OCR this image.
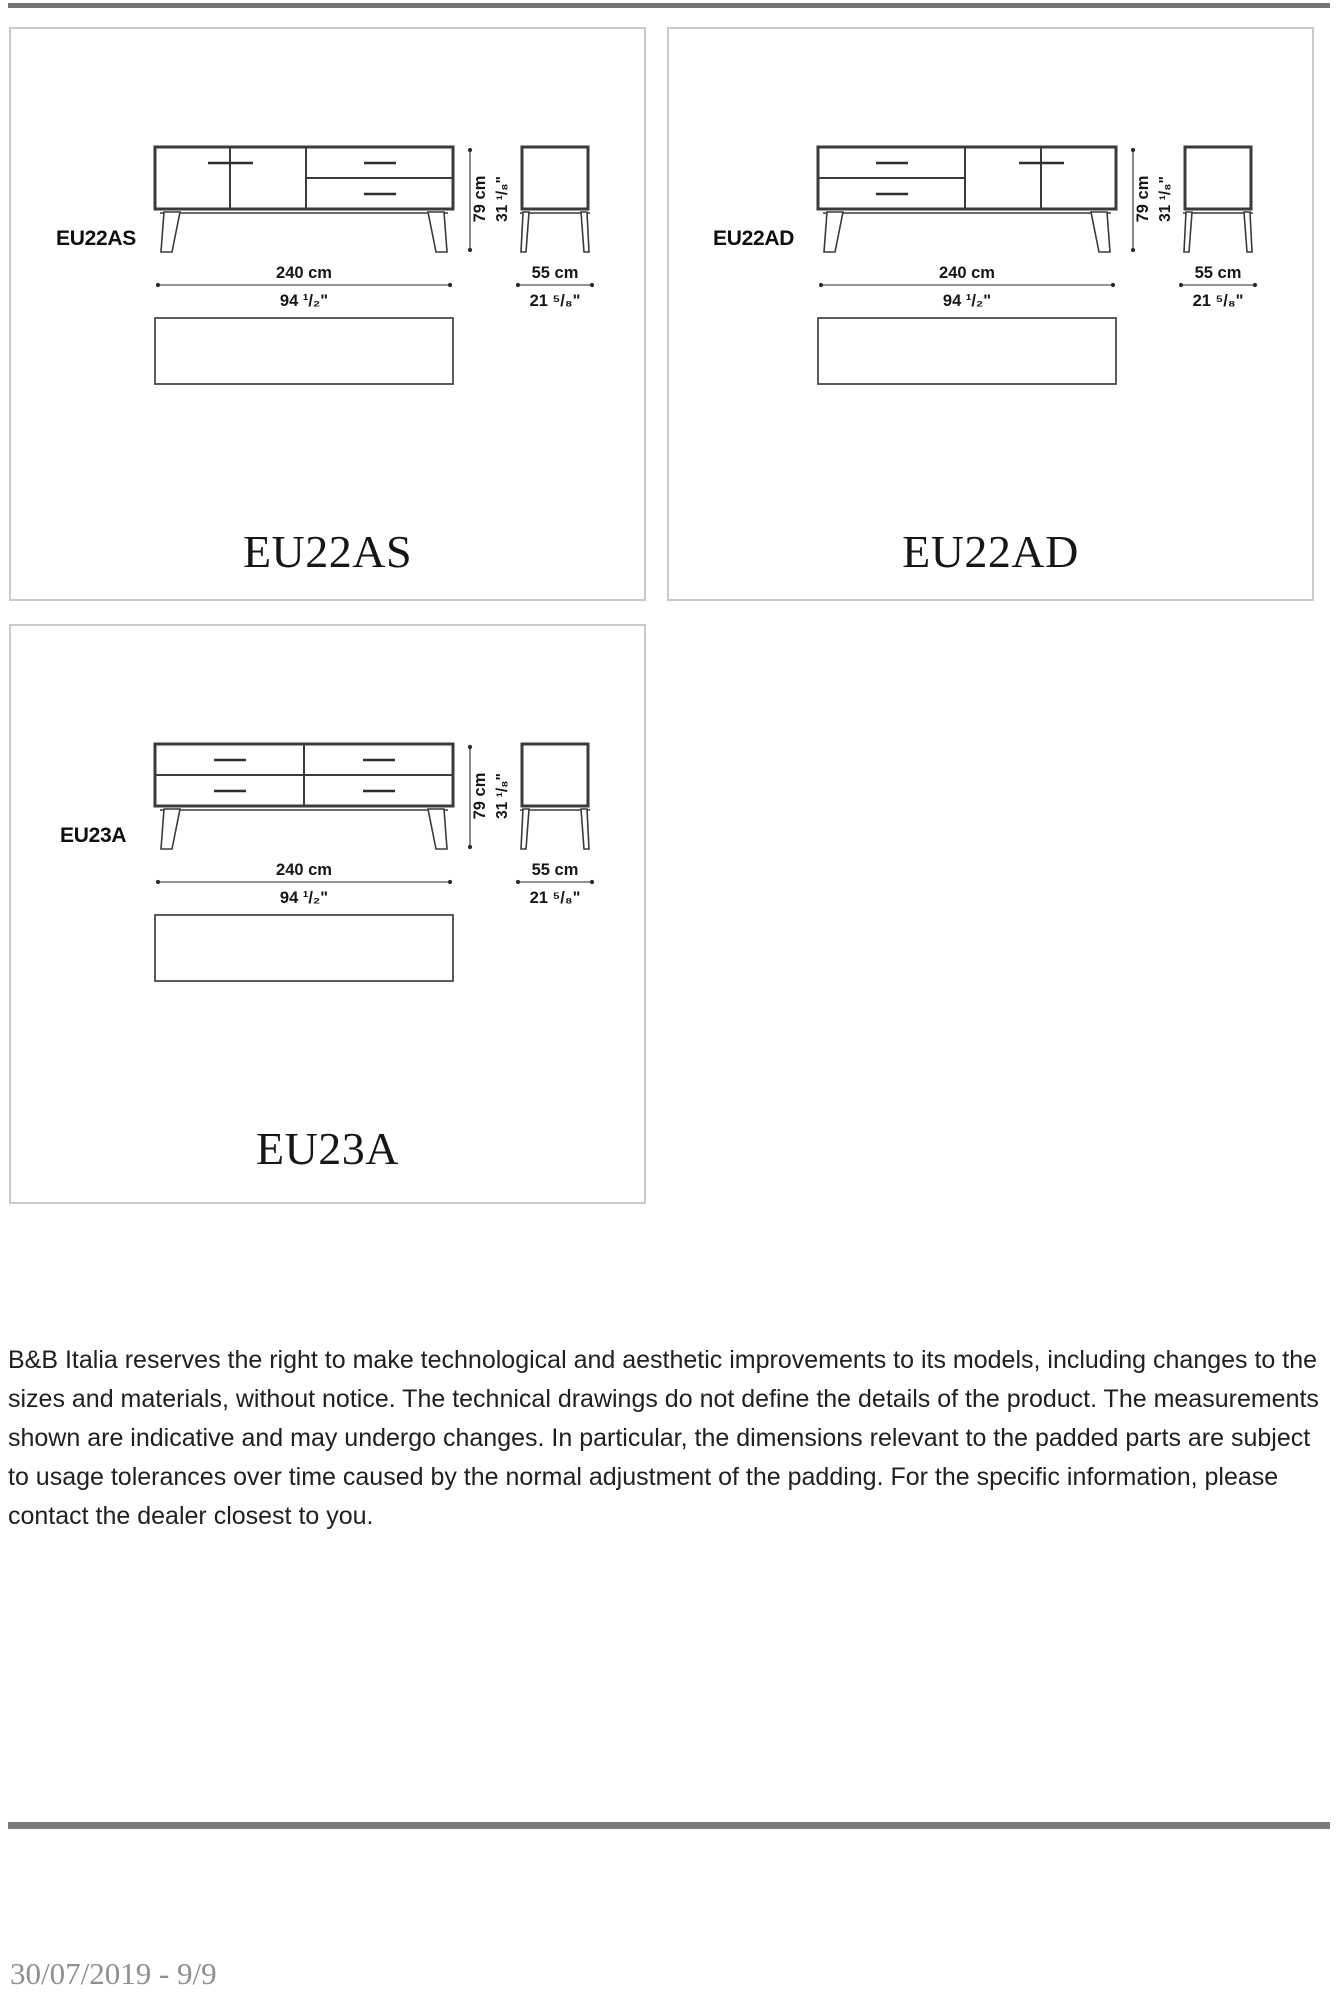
79 cm 31 ¹/₈"
240 cm
94 ¹/₂"
55 cm
21 ⁵/₈"
EU22AS
EU22AS
79 cm 31 ¹/₈"
240 cm
94 ¹/₂"
55 cm
21 ⁵/₈"
EU22AD
EU22AD
79 cm 31 ¹/₈"
240 cm
94 ¹/₂"
55 cm
21 ⁵/₈"
EU23A
EU23A

B&B Italia reserves the right to make technological and aesthetic improvements to its models, including changes to the sizes and materials, without notice. The technical drawings do not define the details of the product. The measurements shown are indicative and may undergo changes. In particular, the dimensions relevant to the padded parts are subject to usage tolerances over time caused by the normal adjustment of the padding. For the specific information, please contact the dealer closest to you.

30/07/2019 - 9/9
